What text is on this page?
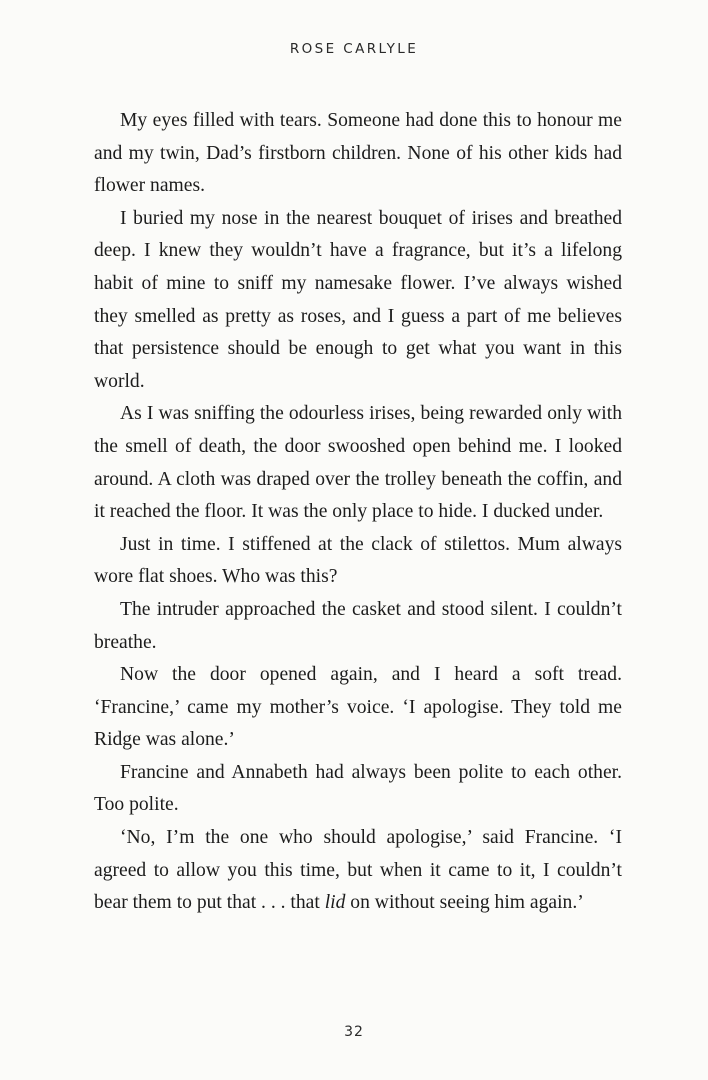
ROSE CARLYLE

My eyes filled with tears. Someone had done this to honour me and my twin, Dad’s firstborn children. None of his other kids had flower names.

I buried my nose in the nearest bouquet of irises and breathed deep. I knew they wouldn’t have a fragrance, but it’s a lifelong habit of mine to sniff my namesake flower. I’ve always wished they smelled as pretty as roses, and I guess a part of me believes that persistence should be enough to get what you want in this world.

As I was sniffing the odourless irises, being rewarded only with the smell of death, the door swooshed open behind me. I looked around. A cloth was draped over the trolley beneath the coffin, and it reached the floor. It was the only place to hide. I ducked under.

Just in time. I stiffened at the clack of stilettos. Mum always wore flat shoes. Who was this?

The intruder approached the casket and stood silent. I couldn’t breathe.

Now the door opened again, and I heard a soft tread. ‘Francine,’ came my mother’s voice. ‘I apologise. They told me Ridge was alone.’

Francine and Annabeth had always been polite to each other. Too polite.

‘No, I’m the one who should apologise,’ said Francine. ‘I agreed to allow you this time, but when it came to it, I couldn’t bear them to put that . . . that lid on without seeing him again.’

32
